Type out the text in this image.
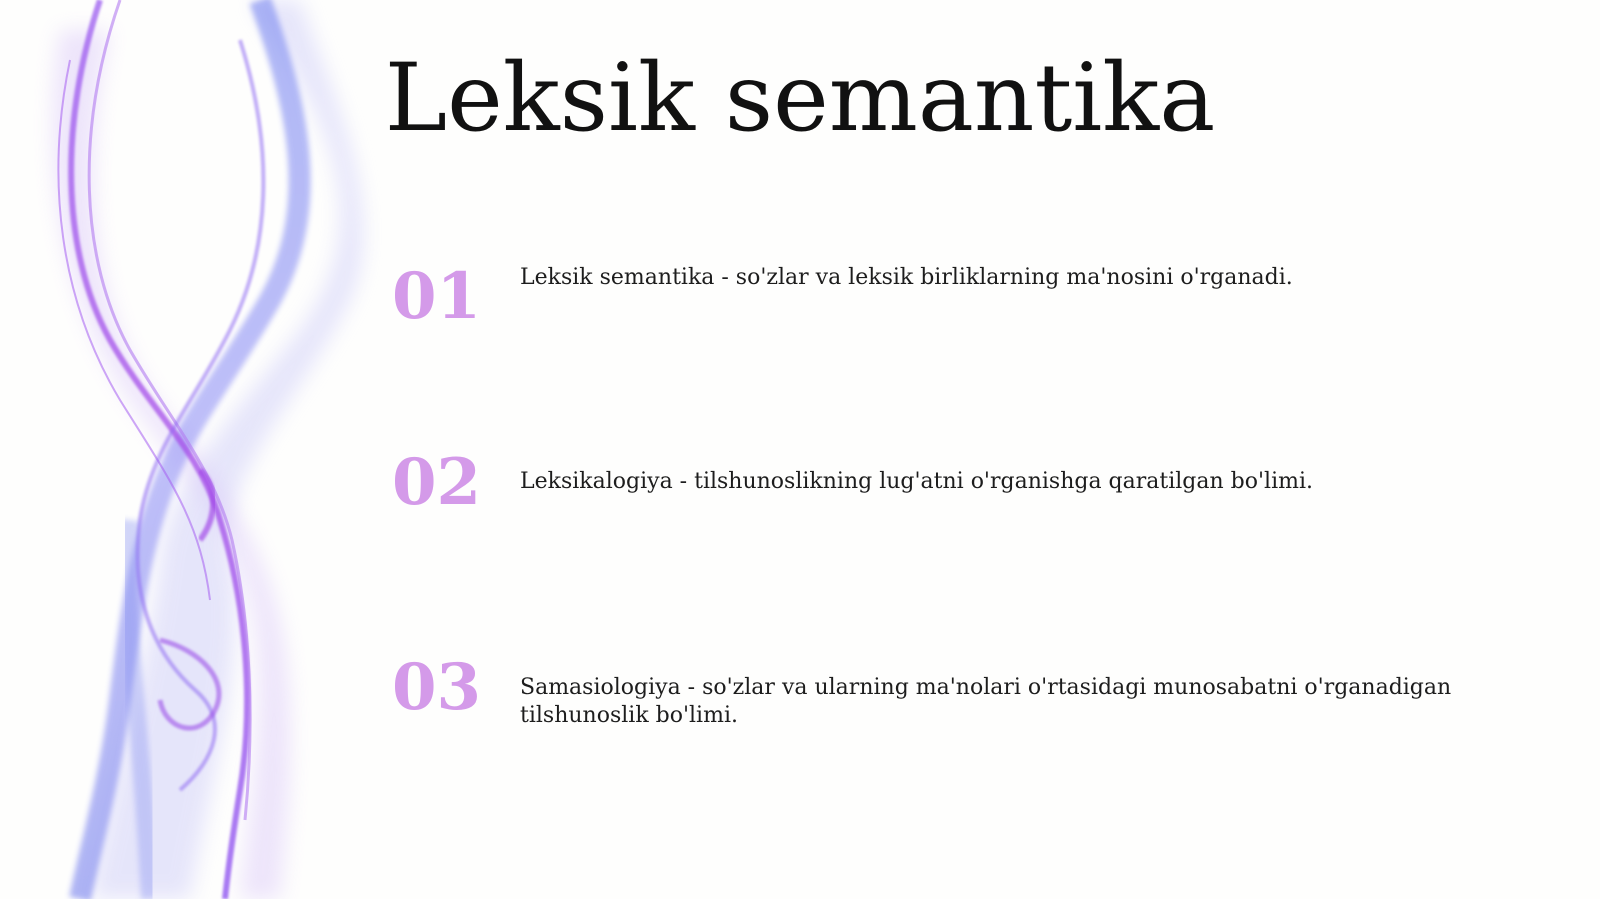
Leksik semantika
01 Leksik semantika - so'zlar va leksik birliklarning ma'nosini o'rganadi.
02 Leksikalogiya - tilshunoslikning lug'atni o'rganishga qaratilgan bo'limi.
03 Samasiologiya - so'zlar va ularning ma'nolari o'rtasidagi munosabatni o'rganadigan tilshunoslik bo'limi.
